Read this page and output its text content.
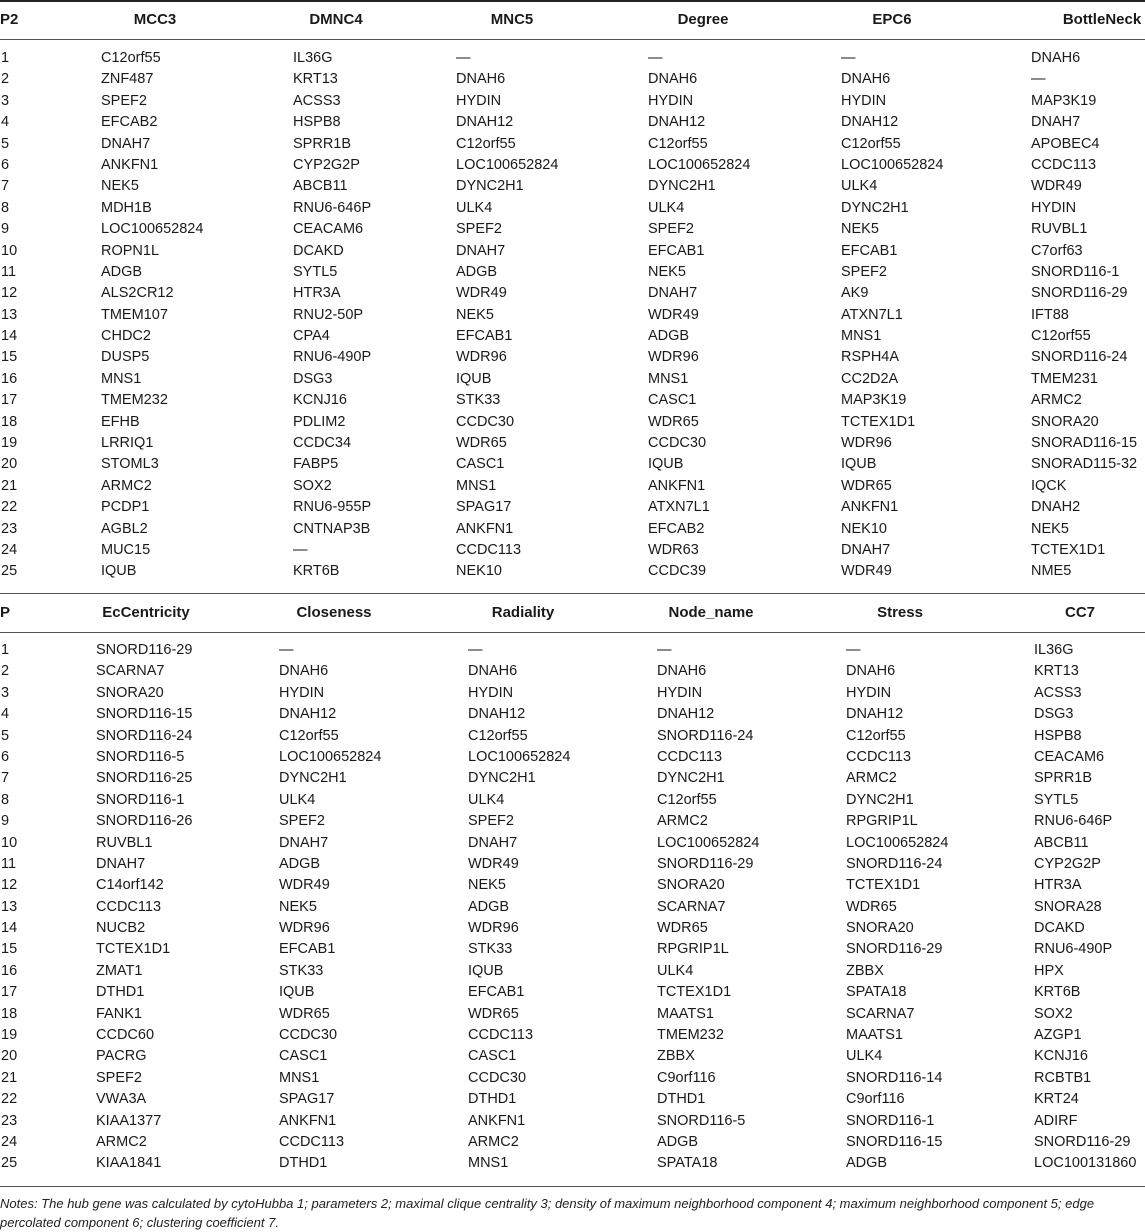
P2	MCC3	DMNC4	MNC5	Degree	EPC6	BottleNeck
1	C12orf55	IL36G	—	—	—	DNAH6
2	ZNF487	KRT13	DNAH6	DNAH6	DNAH6	—
3	SPEF2	ACSS3	HYDIN	HYDIN	HYDIN	MAP3K19
4	EFCAB2	HSPB8	DNAH12	DNAH12	DNAH12	DNAH7
5	DNAH7	SPRR1B	C12orf55	C12orf55	C12orf55	APOBEC4
6	ANKFN1	CYP2G2P	LOC100652824	LOC100652824	LOC100652824	CCDC113
7	NEK5	ABCB11	DYNC2H1	DYNC2H1	ULK4	WDR49
8	MDH1B	RNU6-646P	ULK4	ULK4	DYNC2H1	HYDIN
9	LOC100652824	CEACAM6	SPEF2	SPEF2	NEK5	RUVBL1
10	ROPN1L	DCAKD	DNAH7	EFCAB1	EFCAB1	C7orf63
11	ADGB	SYTL5	ADGB	NEK5	SPEF2	SNORD116-1
12	ALS2CR12	HTR3A	WDR49	DNAH7	AK9	SNORD116-29
13	TMEM107	RNU2-50P	NEK5	WDR49	ATXN7L1	IFT88
14	CHDC2	CPA4	EFCAB1	ADGB	MNS1	C12orf55
15	DUSP5	RNU6-490P	WDR96	WDR96	RSPH4A	SNORD116-24
16	MNS1	DSG3	IQUB	MNS1	CC2D2A	TMEM231
17	TMEM232	KCNJ16	STK33	CASC1	MAP3K19	ARMC2
18	EFHB	PDLIM2	CCDC30	WDR65	TCTEX1D1	SNORA20
19	LRRIQ1	CCDC34	WDR65	CCDC30	WDR96	SNORAD116-15
20	STOML3	FABP5	CASC1	IQUB	IQUB	SNORAD115-32
21	ARMC2	SOX2	MNS1	ANKFN1	WDR65	IQCK
22	PCDP1	RNU6-955P	SPAG17	ATXN7L1	ANKFN1	DNAH2
23	AGBL2	CNTNAP3B	ANKFN1	EFCAB2	NEK10	NEK5
24	MUC15	—	CCDC113	WDR63	DNAH7	TCTEX1D1
25	IQUB	KRT6B	NEK10	CCDC39	WDR49	NME5
P	EcCentricity	Closeness	Radiality	Node_name	Stress	CC7
1	SNORD116-29	—	—	—	—	IL36G
2	SCARNA7	DNAH6	DNAH6	DNAH6	DNAH6	KRT13
3	SNORA20	HYDIN	HYDIN	HYDIN	HYDIN	ACSS3
4	SNORD116-15	DNAH12	DNAH12	DNAH12	DNAH12	DSG3
5	SNORD116-24	C12orf55	C12orf55	SNORD116-24	C12orf55	HSPB8
6	SNORD116-5	LOC100652824	LOC100652824	CCDC113	CCDC113	CEACAM6
7	SNORD116-25	DYNC2H1	DYNC2H1	DYNC2H1	ARMC2	SPRR1B
8	SNORD116-1	ULK4	ULK4	C12orf55	DYNC2H1	SYTL5
9	SNORD116-26	SPEF2	SPEF2	ARMC2	RPGRIP1L	RNU6-646P
10	RUVBL1	DNAH7	DNAH7	LOC100652824	LOC100652824	ABCB11
11	DNAH7	ADGB	WDR49	SNORD116-29	SNORD116-24	CYP2G2P
12	C14orf142	WDR49	NEK5	SNORA20	TCTEX1D1	HTR3A
13	CCDC113	NEK5	ADGB	SCARNA7	WDR65	SNORA28
14	NUCB2	WDR96	WDR96	WDR65	SNORA20	DCAKD
15	TCTEX1D1	EFCAB1	STK33	RPGRIP1L	SNORD116-29	RNU6-490P
16	ZMAT1	STK33	IQUB	ULK4	ZBBX	HPX
17	DTHD1	IQUB	EFCAB1	TCTEX1D1	SPATA18	KRT6B
18	FANK1	WDR65	WDR65	MAATS1	SCARNA7	SOX2
19	CCDC60	CCDC30	CCDC113	TMEM232	MAATS1	AZGP1
20	PACRG	CASC1	CASC1	ZBBX	ULK4	KCNJ16
21	SPEF2	MNS1	CCDC30	C9orf116	SNORD116-14	RCBTB1
22	VWA3A	SPAG17	DTHD1	DTHD1	C9orf116	KRT24
23	KIAA1377	ANKFN1	ANKFN1	SNORD116-5	SNORD116-1	ADIRF
24	ARMC2	CCDC113	ARMC2	ADGB	SNORD116-15	SNORD116-29
25	KIAA1841	DTHD1	MNS1	SPATA18	ADGB	LOC100131860
Notes: The hub gene was calculated by cytoHubba 1; parameters 2; maximal clique centrality 3; density of maximum neighborhood component 4; maximum neighborhood component 5; edge percolated component 6; clustering coefficient 7.
